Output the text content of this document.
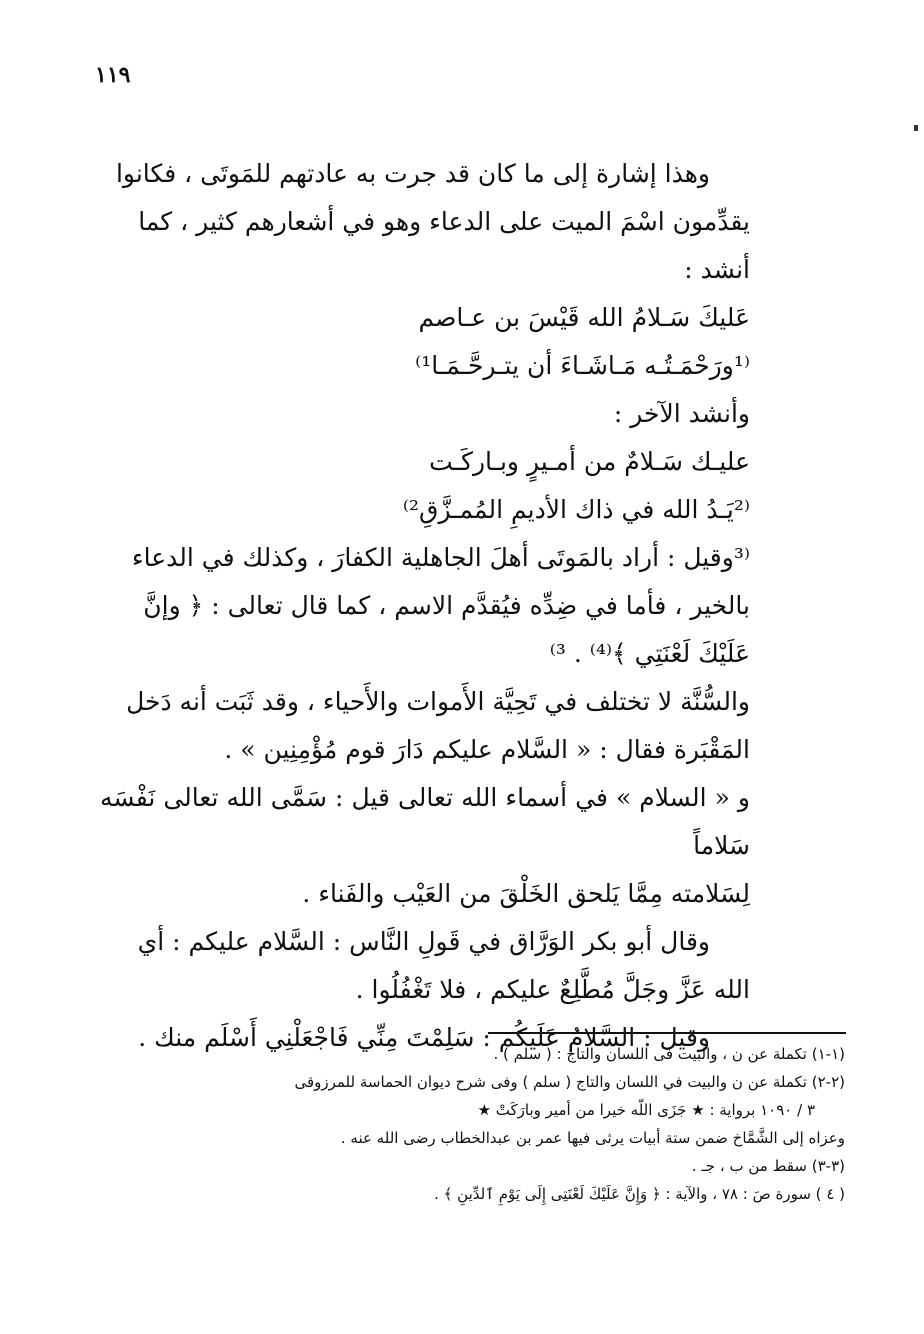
١١٩

وهذا إشارة إلى ما كان قد جرت به عادتهم للمَوتَى ، فكانوا

يقدِّمون اسْمَ الميت على الدعاء وهو في أشعارهم كثير ، كما

أنشد :

عَليكَ سَـلامُ الله قَيْسَ بن عـاصم

⁽¹ورَحْمَـتُـه مَـاشَـاءَ أن يتـرحَّـمَـا¹⁾

وأنشد الآخر :

عليـك سَـلامٌ من أمـيرٍ وبـاركَـت

⁽²يَـدُ الله في ذاك الأديمِ المُمـزَّقِ²⁾

⁽³وقيل : أراد بالمَوتَى أهلَ الجاهلية الكفارَ ، وكذلك في الدعاء

بالخير ، فأما في ضِدِّه فيُقدَّم الاسم ، كما قال تعالى : ﴿ وإنَّ

عَلَيْكَ لَعْنَتِي ﴾⁽⁴⁾ . ³⁾

والسُّنَّة لا تختلف في تَحِيَّة الأَموات والأَحياء ، وقد ثَبَت أنه دَخل

المَقْبَرة فقال : « السَّلام عليكم دَارَ قوم مُؤْمِنِين » .

و « السلام » في أسماء الله تعالى قيل : سَمَّى الله تعالى نَفْسَه سَلاماً

لِسَلامته مِمَّا يَلحق الخَلْقَ من العَيْب والفَناء .

وقال أبو بكر الوَرَّاق في قَولِ النَّاس : السَّلام عليكم : أي

الله عَزَّ وجَلَّ مُطَّلِعٌ عليكم ، فلا تَغْفُلُوا .

وقيل : السَّلامُ عَلَيكُم : سَلِمْتَ مِنِّي فَاجْعَلْنِي أَسْلَم منك .

(١-١) تكملة عن ن ، والبيت فى اللسان والتاج : ( سلم ) .

(٢-٢) تكملة عن ن والبيت في اللسان والتاج ( سلم ) وفى شرح ديوان الحماسة للمرزوقى

٣ / ١٠٩٠ برواية : ★ جَزَى اللّه خيرا من أمير وبارَكَتْ ★

وعزاه إلى الشَّمَّاخ ضمن ستة أبيات يرثى فيها عمر بن عبدالخطاب رضى الله عنه .

(٣-٣) سقط من ب ، جـ .

( ٤ ) سورة صَ : ٧٨ ، والآية : ﴿ وَإِنَّ عَلَيْكَ لَعْنَتِى إِلَى يَوْمِ ٱلدِّينِ ﴾ .
